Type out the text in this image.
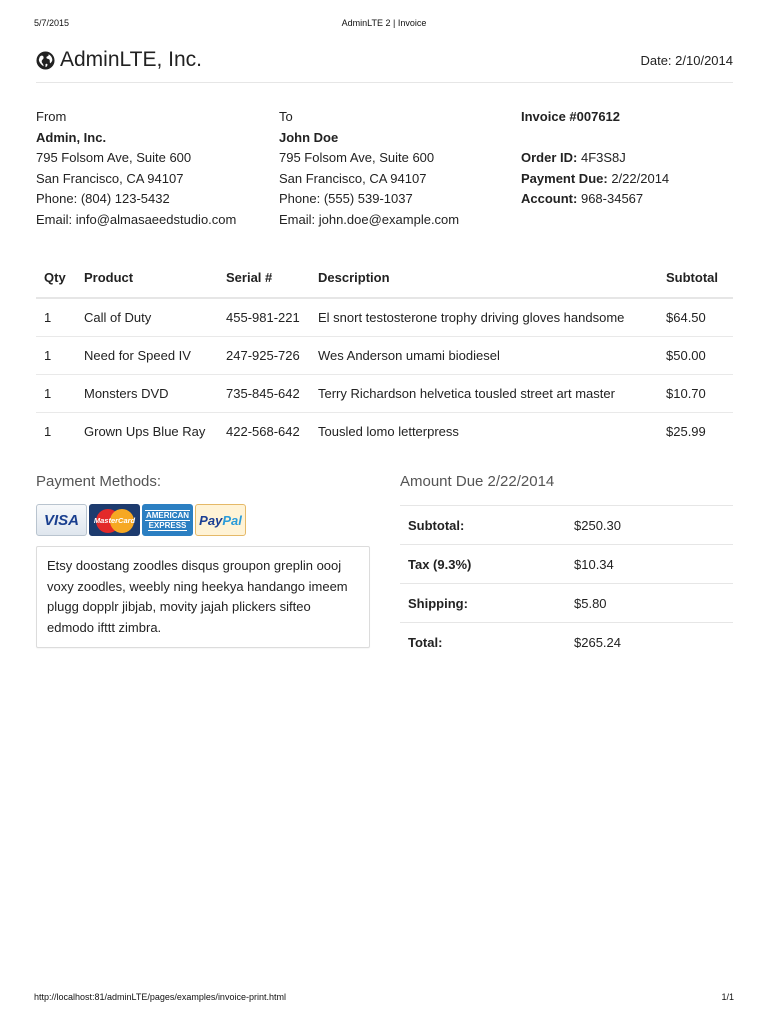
5/7/2015	AdminLTE 2 | Invoice
AdminLTE, Inc.	Date: 2/10/2014
From
Admin, Inc.
795 Folsom Ave, Suite 600
San Francisco, CA 94107
Phone: (804) 123-5432
Email: info@almasaeedstudio.com
To
John Doe
795 Folsom Ave, Suite 600
San Francisco, CA 94107
Phone: (555) 539-1037
Email: john.doe@example.com
Invoice #007612

Order ID: 4F3S8J
Payment Due: 2/22/2014
Account: 968-34567
Qty	Product	Serial #	Description	Subtotal
1	Call of Duty	455-981-221	El snort testosterone trophy driving gloves handsome	$64.50
1	Need for Speed IV	247-925-726	Wes Anderson umami biodiesel	$50.00
1	Monsters DVD	735-845-642	Terry Richardson helvetica tousled street art master	$10.70
1	Grown Ups Blue Ray	422-568-642	Tousled lomo letterpress	$25.99

Payment Methods:

VISA MasterCard
AMERICAN
EXPRESS Pay Pal
Etsy doostang zoodles disqus groupon greplin oooj voxy zoodles, weebly ning heekya handango imeem plugg dopplr jibjab, movity jajah plickers sifteo edmodo ifttt zimbra.

Amount Due 2/22/2014

Subtotal:	$250.30
Tax (9.3%)	$10.34
Shipping:	$5.80
Total:	$265.24
http://localhost:81/adminLTE/pages/examples/invoice-print.html	1/1
